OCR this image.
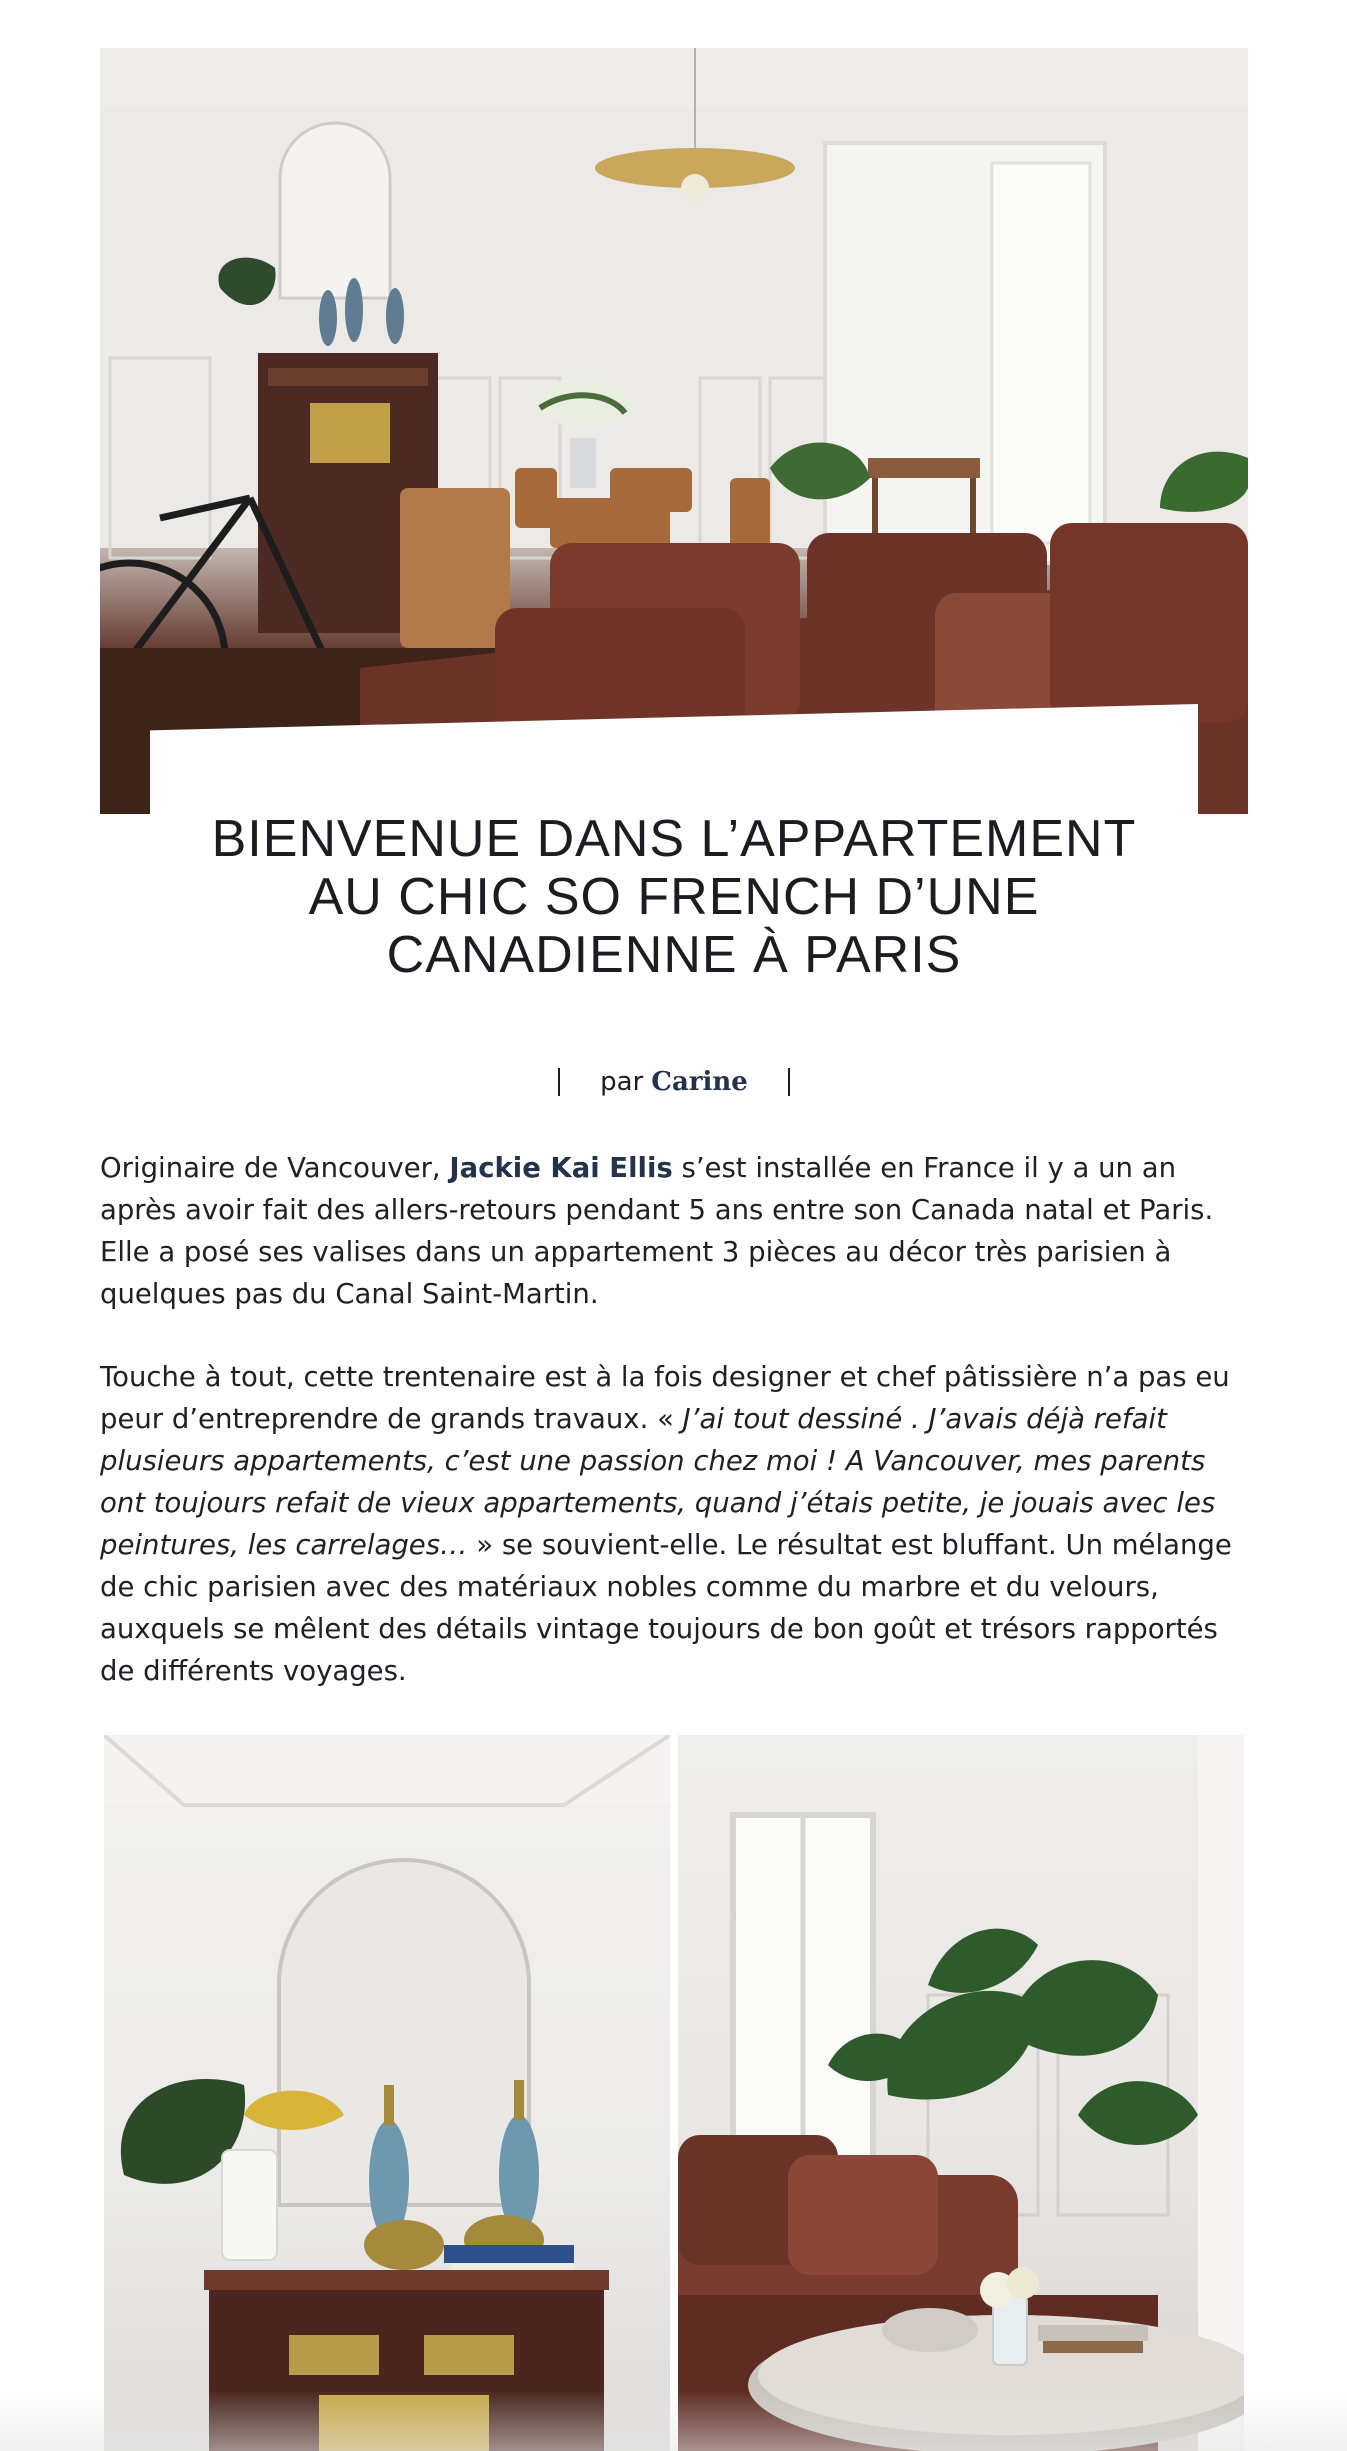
BIENVENUE DANS L’APPARTEMENT AU CHIC SO FRENCH D’UNE CANADIENNE À PARIS
par Carine

Originaire de Vancouver, Jackie Kai Ellis s’est installée en France il y a un an après avoir fait des allers-retours pendant 5 ans entre son Canada natal et Paris. Elle a posé ses valises dans un appartement 3 pièces au décor très parisien à quelques pas du Canal Saint-Martin.

Touche à tout, cette trentenaire est à la fois designer et chef pâtissière n’a pas eu peur d’entreprendre de grands travaux. « J’ai tout dessiné . J’avais déjà refait plusieurs appartements, c’est une passion chez moi ! A Vancouver, mes parents ont toujours refait de vieux appartements, quand j’étais petite, je jouais avec les peintures, les carrelages… » se souvient-elle. Le résultat est bluffant. Un mélange de chic parisien avec des matériaux nobles comme du marbre et du velours, auxquels se mêlent des détails vintage toujours de bon goût et trésors rapportés de différents voyages.
